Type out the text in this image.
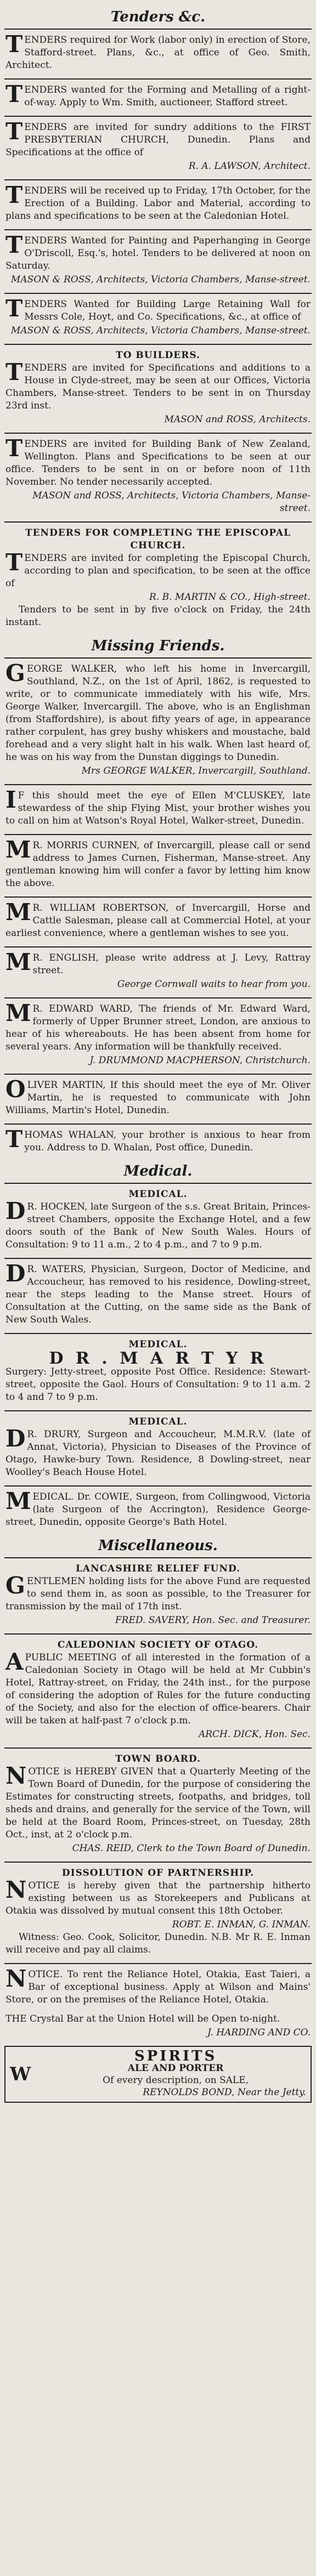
Tenders &c.

TENDERS required for Work (labor only) in erection of Store, Stafford-street. Plans, &c., at office of Geo. Smith, Architect.

TENDERS wanted for the Forming and Metalling of a right-of-way. Apply to Wm. Smith, auctioneer, Stafford street.

TENDERS are invited for sundry additions to the FIRST PRESBYTERIAN CHURCH, Dunedin. Plans and Specifications at the office of

R. A. LAWSON, Architect.

TENDERS will be received up to Friday, 17th October, for the Erection of a Building. Labor and Material, according to plans and specifications to be seen at the Caledonian Hotel.

TENDERS Wanted for Painting and Paperhanging in George O'Driscoll, Esq.'s, hotel. Tenders to be delivered at noon on Saturday.

MASON & ROSS, Architects, Victoria Chambers, Manse-street.

TENDERS Wanted for Building Large Retaining Wall for Messrs Cole, Hoyt, and Co. Specifications, &c., at office of

MASON & ROSS, Architects, Victoria Chambers, Manse-street.

TO BUILDERS.

TENDERS are invited for Specifications and additions to a House in Clyde-street, may be seen at our Offices, Victoria Chambers, Manse-street. Tenders to be sent in on Thursday 23rd inst.

MASON and ROSS, Architects.

TENDERS are invited for Building Bank of New Zealand, Wellington. Plans and Specifications to be seen at our office. Tenders to be sent in on or before noon of 11th November. No tender necessarily accepted.

MASON and ROSS, Architects, Victoria Chambers, Manse-street.

TENDERS FOR COMPLETING THE EPISCOPAL CHURCH.

TENDERS are invited for completing the Episcopal Church, according to plan and specification, to be seen at the office of

R. B. MARTIN & CO., High-street.

Tenders to be sent in by five o'clock on Friday, the 24th instant.

Missing Friends.

GEORGE WALKER, who left his home in Invercargill, Southland, N.Z., on the 1st of April, 1862, is requested to write, or to communicate immediately with his wife, Mrs. George Walker, Invercargill. The above, who is an Englishman (from Staffordshire), is about fifty years of age, in appearance rather corpulent, has grey bushy whiskers and moustache, bald forehead and a very slight halt in his walk. When last heard of, he was on his way from the Dunstan diggings to Dunedin.

Mrs GEORGE WALKER, Invercargill, Southland.

I F this should meet the eye of Ellen M'CLUSKEY, late stewardess of the ship Flying Mist, your brother wishes you to call on him at Watson's Royal Hotel, Walker-street, Dunedin.

M R. MORRIS CURNEN, of Invercargill, please call or send address to James Curnen, Fisherman, Manse-street. Any gentleman knowing him will confer a favor by letting him know the above.

M R. WILLIAM ROBERTSON, of Invercargill, Horse and Cattle Salesman, please call at Commercial Hotel, at your earliest convenience, where a gentleman wishes to see you.

M R. ENGLISH, please write address at J. Levy, Rattray street.

George Cornwall waits to hear from you.

M R. EDWARD WARD, The friends of Mr. Edward Ward, formerly of Upper Brunner street, London, are anxious to hear of his whereabouts. He has been absent from home for several years. Any information will be thankfully received.

J. DRUMMOND MACPHERSON, Christchurch.

OLIVER MARTIN, If this should meet the eye of Mr. Oliver Martin, he is requested to communicate with John Williams, Martin's Hotel, Dunedin.

THOMAS WHALAN, your brother is anxious to hear from you. Address to D. Whalan, Post office, Dunedin.

Medical.
MEDICAL.

D R. HOCKEN, late Surgeon of the s.s. Great Britain, Princes-street Chambers, opposite the Exchange Hotel, and a few doors south of the Bank of New South Wales. Hours of Consultation: 9 to 11 a.m., 2 to 4 p.m., and 7 to 9 p.m.

D R. WATERS, Physician, Surgeon, Doctor of Medicine, and Accoucheur, has removed to his residence, Dowling-street, near the steps leading to the Manse street. Hours of Consultation at the Cutting, on the same side as the Bank of New South Wales.

MEDICAL.
D R . M A R T Y R

Surgery: Jetty-street, opposite Post Office. Residence: Stewart-street, opposite the Gaol. Hours of Consultation: 9 to 11 a.m. 2 to 4 and 7 to 9 p.m.

MEDICAL.

D R. DRURY, Surgeon and Accoucheur, M.M.R.V. (late of Annat, Victoria), Physician to Diseases of the Province of Otago, Hawke-bury Town. Residence, 8 Dowling-street, near Woolley's Beach House Hotel.

MEDICAL. Dr. COWIE, Surgeon, from Collingwood, Victoria (late Surgeon of the Accrington), Residence George-street, Dunedin, opposite George's Bath Hotel.

Miscellaneous.
LANCASHIRE RELIEF FUND.

GENTLEMEN holding lists for the above Fund are requested to send them in, as soon as possible, to the Treasurer for transmission by the mail of 17th inst.

FRED. SAVERY, Hon. Sec. and Treasurer.

CALEDONIAN SOCIETY OF OTAGO.

A PUBLIC MEETING of all interested in the formation of a Caledonian Society in Otago will be held at Mr Cubbin's Hotel, Rattray-street, on Friday, the 24th inst., for the purpose of considering the adoption of Rules for the future conducting of the Society, and also for the election of office-bearers. Chair will be taken at half-past 7 o'clock p.m.

ARCH. DICK, Hon. Sec.

TOWN BOARD.

NOTICE is HEREBY GIVEN that a Quarterly Meeting of the Town Board of Dunedin, for the purpose of considering the Estimates for constructing streets, footpaths, and bridges, toll sheds and drains, and generally for the service of the Town, will be held at the Board Room, Princes-street, on Tuesday, 28th Oct., inst, at 2 o'clock p.m.

CHAS. REID, Clerk to the Town Board of Dunedin.

DISSOLUTION OF PARTNERSHIP.

NOTICE is hereby given that the partnership hitherto existing between us as Storekeepers and Publicans at Otakia was dissolved by mutual consent this 18th October.

ROBT. E. INMAN, G. INMAN.

Witness: Geo. Cook, Solicitor, Dunedin. N.B. Mr R. E. Inman will receive and pay all claims.

NOTICE. To rent the Reliance Hotel, Otakia, East Taieri, a Bar of exceptional business. Apply at Wilson and Mains' Store, or on the premises of the Reliance Hotel, Otakia.

THE Crystal Bar at the Union Hotel will be Open to-night.

J. HARDING AND CO.

W
SPIRITS
ALE AND PORTER
Of every description, on SALE,
REYNOLDS BOND, Near the Jetty.
